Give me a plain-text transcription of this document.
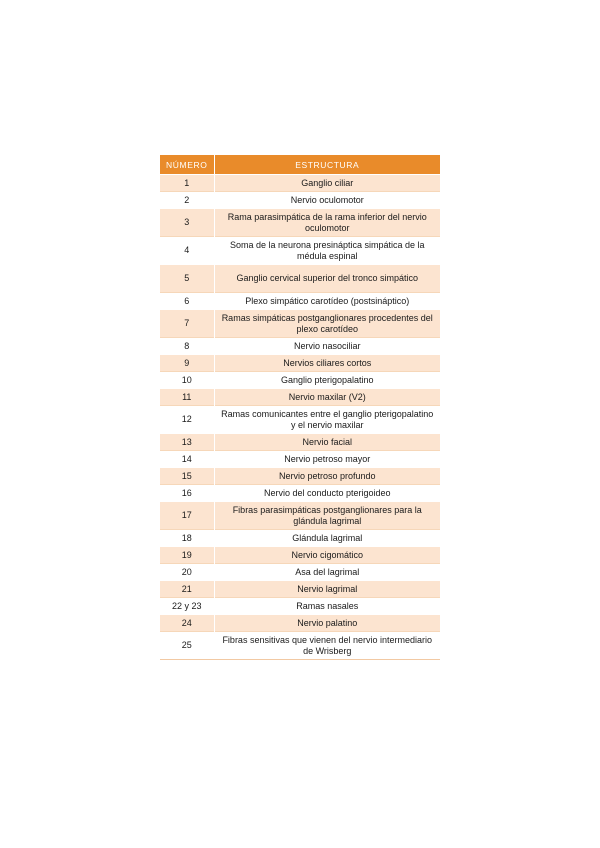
NÚMERO	ESTRUCTURA
1	Ganglio ciliar
2	Nervio oculomotor
3	Rama parasimpática de la rama inferior del nervio oculomotor
4	Soma de la neurona presináptica simpática de la médula espinal
5	Ganglio cervical superior del tronco simpático
6	Plexo simpático carotídeo (postsináptico)
7	Ramas simpáticas postganglionares procedentes del plexo carotídeo
8	Nervio nasociliar
9	Nervios ciliares cortos
10	Ganglio pterigopalatino
11	Nervio maxilar (V2)
12	Ramas comunicantes entre el ganglio pterigopalatino y el nervio maxilar
13	Nervio facial
14	Nervio petroso mayor
15	Nervio petroso profundo
16	Nervio del conducto pterigoideo
17	Fibras parasimpáticas postganglionares para la glándula lagrimal
18	Glándula lagrimal
19	Nervio cigomático
20	Asa del lagrimal
21	Nervio lagrimal
22 y 23	Ramas nasales
24	Nervio palatino
25	Fibras sensitivas que vienen del nervio intermediario de Wrisberg
